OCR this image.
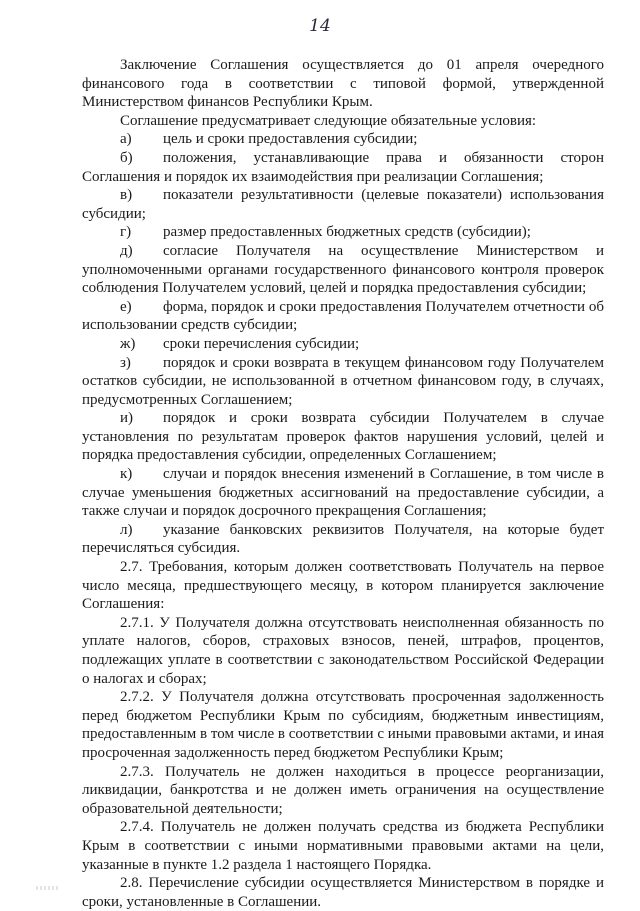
14

Заключение Соглашения осуществляется до 01 апреля очередного финансового года в соответствии с типовой формой, утвержденной Министерством финансов Республики Крым.

Соглашение предусматривает следующие обязательные условия:

а) цель и сроки предоставления субсидии;

б) положения, устанавливающие права и обязанности сторон Соглашения и порядок их взаимодействия при реализации Соглашения;

в) показатели результативности (целевые показатели) использования субсидии;

г) размер предоставленных бюджетных средств (субсидии);

д) согласие Получателя на осуществление Министерством и уполномоченными органами государственного финансового контроля проверок соблюдения Получателем условий, целей и порядка предоставления субсидии;

е) форма, порядок и сроки предоставления Получателем отчетности об использовании средств субсидии;

ж) сроки перечисления субсидии;

з) порядок и сроки возврата в текущем финансовом году Получателем остатков субсидии, не использованной в отчетном финансовом году, в случаях, предусмотренных Соглашением;

и) порядок и сроки возврата субсидии Получателем в случае установления по результатам проверок фактов нарушения условий, целей и порядка предоставления субсидии, определенных Соглашением;

к) случаи и порядок внесения изменений в Соглашение, в том числе в случае уменьшения бюджетных ассигнований на предоставление субсидии, а также случаи и порядок досрочного прекращения Соглашения;

л) указание банковских реквизитов Получателя, на которые будет перечисляться субсидия.

2.7. Требования, которым должен соответствовать Получатель на первое число месяца, предшествующего месяцу, в котором планируется заключение Соглашения:

2.7.1. У Получателя должна отсутствовать неисполненная обязанность по уплате налогов, сборов, страховых взносов, пеней, штрафов, процентов, подлежащих уплате в соответствии с законодательством Российской Федерации о налогах и сборах;

2.7.2. У Получателя должна отсутствовать просроченная задолженность перед бюджетом Республики Крым по субсидиям, бюджетным инвестициям, предоставленным в том числе в соответствии с иными правовыми актами, и иная просроченная задолженность перед бюджетом Республики Крым;

2.7.3. Получатель не должен находиться в процессе реорганизации, ликвидации, банкротства и не должен иметь ограничения на осуществление образовательной деятельности;

2.7.4. Получатель не должен получать средства из бюджета Республики Крым в соответствии с иными нормативными правовыми актами на цели, указанные в пункте 1.2 раздела 1 настоящего Порядка.

2.8. Перечисление субсидии осуществляется Министерством в порядке и сроки, установленные в Соглашении.
